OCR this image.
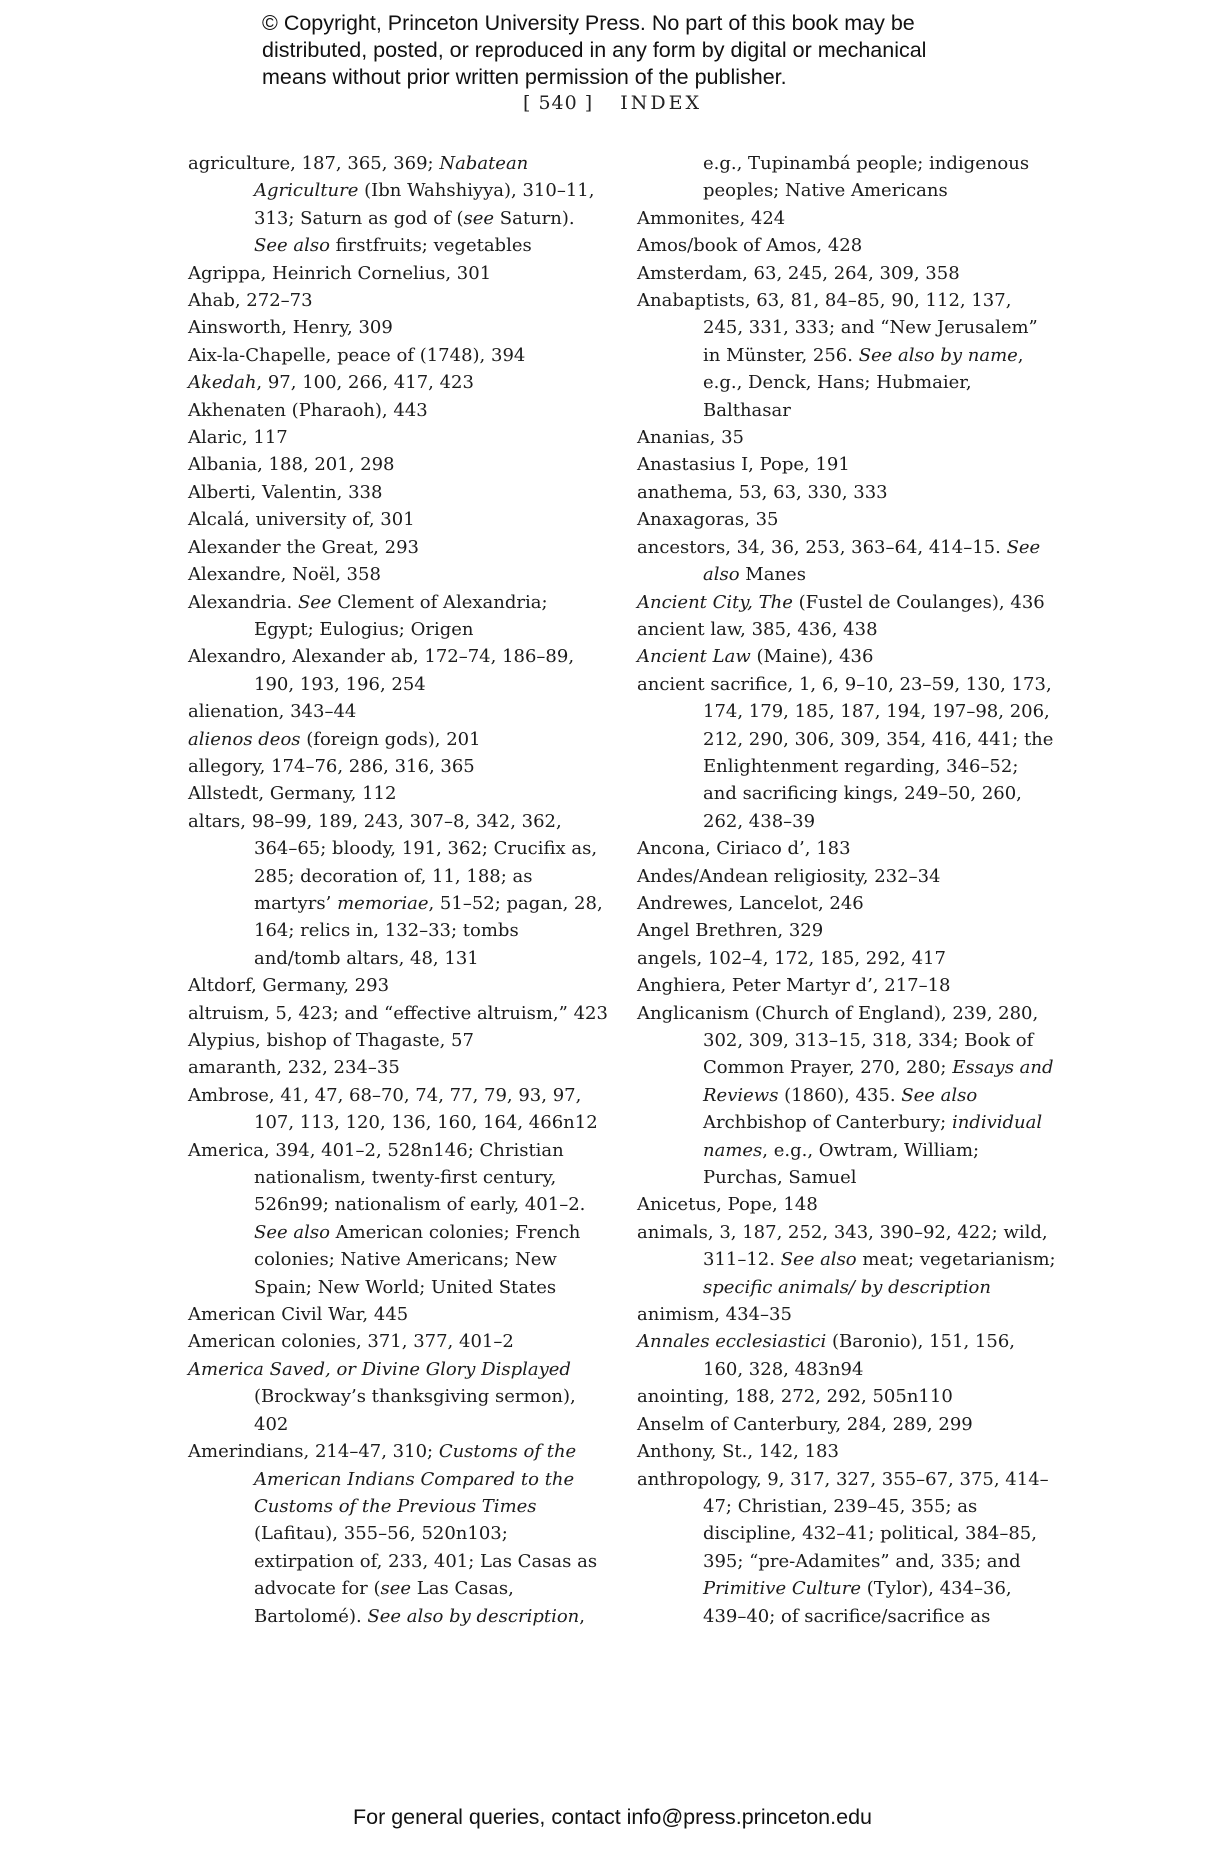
© Copyright, Princeton University Press. No part of this book may be
distributed, posted, or reproduced in any form by digital or mechanical
means without prior written permission of the publisher.
[ 540 ] INDEX
agriculture, 187, 365, 369; Nabatean Agriculture (Ibn Wahshiyya), 310–11, 313; Saturn as god of (see Saturn). See also firstfruits; vegetables
Agrippa, Heinrich Cornelius, 301
Ahab, 272–73
Ainsworth, Henry, 309
Aix-la-Chapelle, peace of (1748), 394
Akedah, 97, 100, 266, 417, 423
Akhenaten (Pharaoh), 443
Alaric, 117
Albania, 188, 201, 298
Alberti, Valentin, 338
Alcalá, university of, 301
Alexander the Great, 293
Alexandre, Noël, 358
Alexandria. See Clement of Alexandria; Egypt; Eulogius; Origen
Alexandro, Alexander ab, 172–74, 186–89, 190, 193, 196, 254
alienation, 343–44
alienos deos (foreign gods), 201
allegory, 174–76, 286, 316, 365
Allstedt, Germany, 112
altars, 98–99, 189, 243, 307–8, 342, 362, 364–65; bloody, 191, 362; Crucifix as, 285; decoration of, 11, 188; as martyrs’ memoriae, 51–52; pagan, 28, 164; relics in, 132–33; tombs and/tomb altars, 48, 131
Altdorf, Germany, 293
altruism, 5, 423; and “effective altruism,” 423
Alypius, bishop of Thagaste, 57
amaranth, 232, 234–35
Ambrose, 41, 47, 68–70, 74, 77, 79, 93, 97, 107, 113, 120, 136, 160, 164, 466n12
America, 394, 401–2, 528n146; Christian nationalism, twenty-first century, 526n99; nationalism of early, 401–2. See also American colonies; French colonies; Native Americans; New Spain; New World; United States
American Civil War, 445
American colonies, 371, 377, 401–2
America Saved, or Divine Glory Displayed (Brockway’s thanksgiving sermon), 402
Amerindians, 214–47, 310; Customs of the American Indians Compared to the Customs of the Previous Times (Lafitau), 355–56, 520n103; extirpation of, 233, 401; Las Casas as advocate for (see Las Casas, Bartolomé). See also by description,
e.g., Tupinambá people; indigenous peoples; Native Americans
Ammonites, 424
Amos/book of Amos, 428
Amsterdam, 63, 245, 264, 309, 358
Anabaptists, 63, 81, 84–85, 90, 112, 137, 245, 331, 333; and “New Jerusalem” in Münster, 256. See also by name, e.g., Denck, Hans; Hubmaier, Balthasar
Ananias, 35
Anastasius I, Pope, 191
anathema, 53, 63, 330, 333
Anaxagoras, 35
ancestors, 34, 36, 253, 363–64, 414–15. See also Manes
Ancient City, The (Fustel de Coulanges), 436
ancient law, 385, 436, 438
Ancient Law (Maine), 436
ancient sacrifice, 1, 6, 9–10, 23–59, 130, 173, 174, 179, 185, 187, 194, 197–98, 206, 212, 290, 306, 309, 354, 416, 441; the Enlightenment regarding, 346–52; and sacrificing kings, 249–50, 260, 262, 438–39
Ancona, Ciriaco d’, 183
Andes/Andean religiosity, 232–34
Andrewes, Lancelot, 246
Angel Brethren, 329
angels, 102–4, 172, 185, 292, 417
Anghiera, Peter Martyr d’, 217–18
Anglicanism (Church of England), 239, 280, 302, 309, 313–15, 318, 334; Book of Common Prayer, 270, 280; Essays and Reviews (1860), 435. See also Archbishop of Canterbury; individual names, e.g., Owtram, William; Purchas, Samuel
Anicetus, Pope, 148
animals, 3, 187, 252, 343, 390–92, 422; wild, 311–12. See also meat; vegetarianism; specific animals/ by description
animism, 434–35
Annales ecclesiastici (Baronio), 151, 156, 160, 328, 483n94
anointing, 188, 272, 292, 505n110
Anselm of Canterbury, 284, 289, 299
Anthony, St., 142, 183
anthropology, 9, 317, 327, 355–67, 375, 414–47; Christian, 239–45, 355; as discipline, 432–41; political, 384–85, 395; “pre-Adamites” and, 335; and Primitive Culture (Tylor), 434–36, 439–40; of sacrifice/sacrifice as
For general queries, contact info@press.princeton.edu
